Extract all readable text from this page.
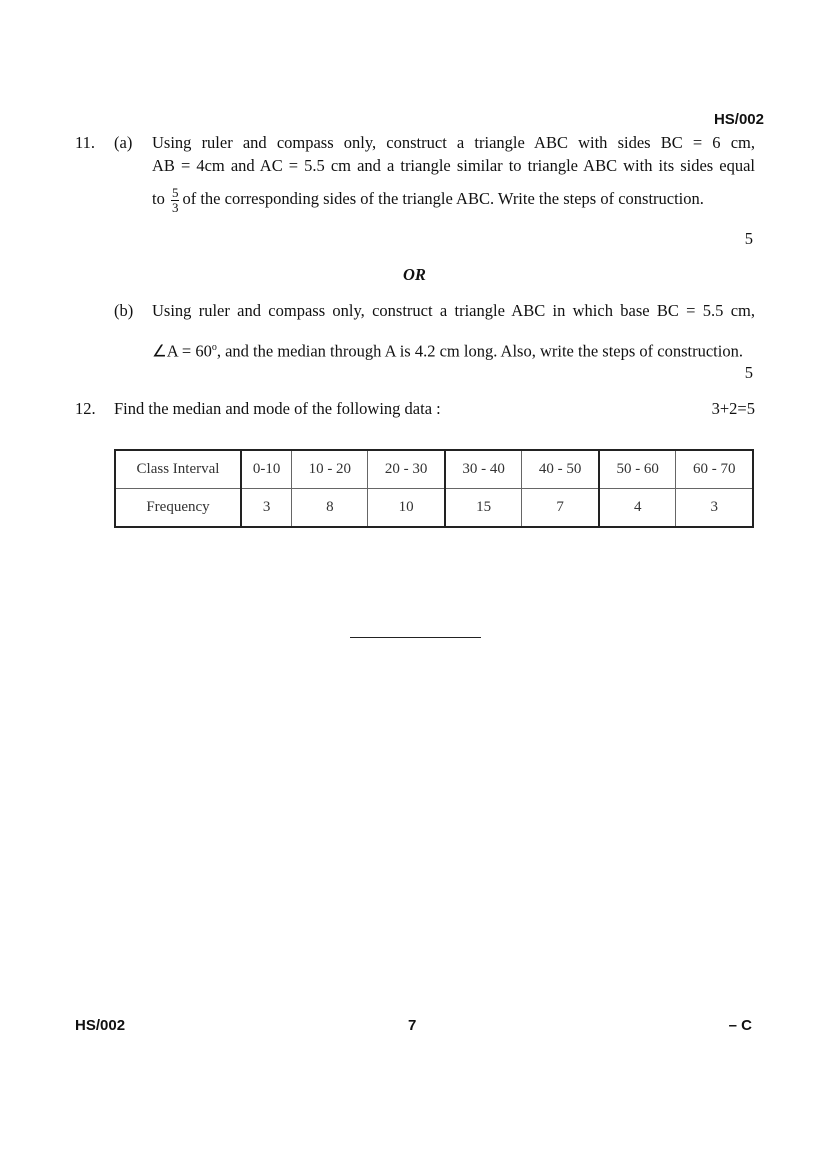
HS/002
11. (a) Using ruler and compass only, construct a triangle ABC with sides BC = 6 cm,
AB = 4cm and AC = 5.5 cm and a triangle similar to triangle ABC with its sides equal
to $\frac{5}{3}$ of the corresponding sides of the triangle ABC. Write the steps of construction.
5
OR
(b) Using ruler and compass only, construct a triangle ABC in which base BC = 5.5 cm,
∠A = $60^o$, and the median through A is 4.2 cm long. Also, write the steps of construction.
5
12. Find the median and mode of the following data :	3+2=5
Class Interval	0-10	10 - 20	20 - 30	30 - 40	40 - 50	50 - 60	60 - 70
Frequency	3	8	10	15	7	4	3
HS/002	7	– C
